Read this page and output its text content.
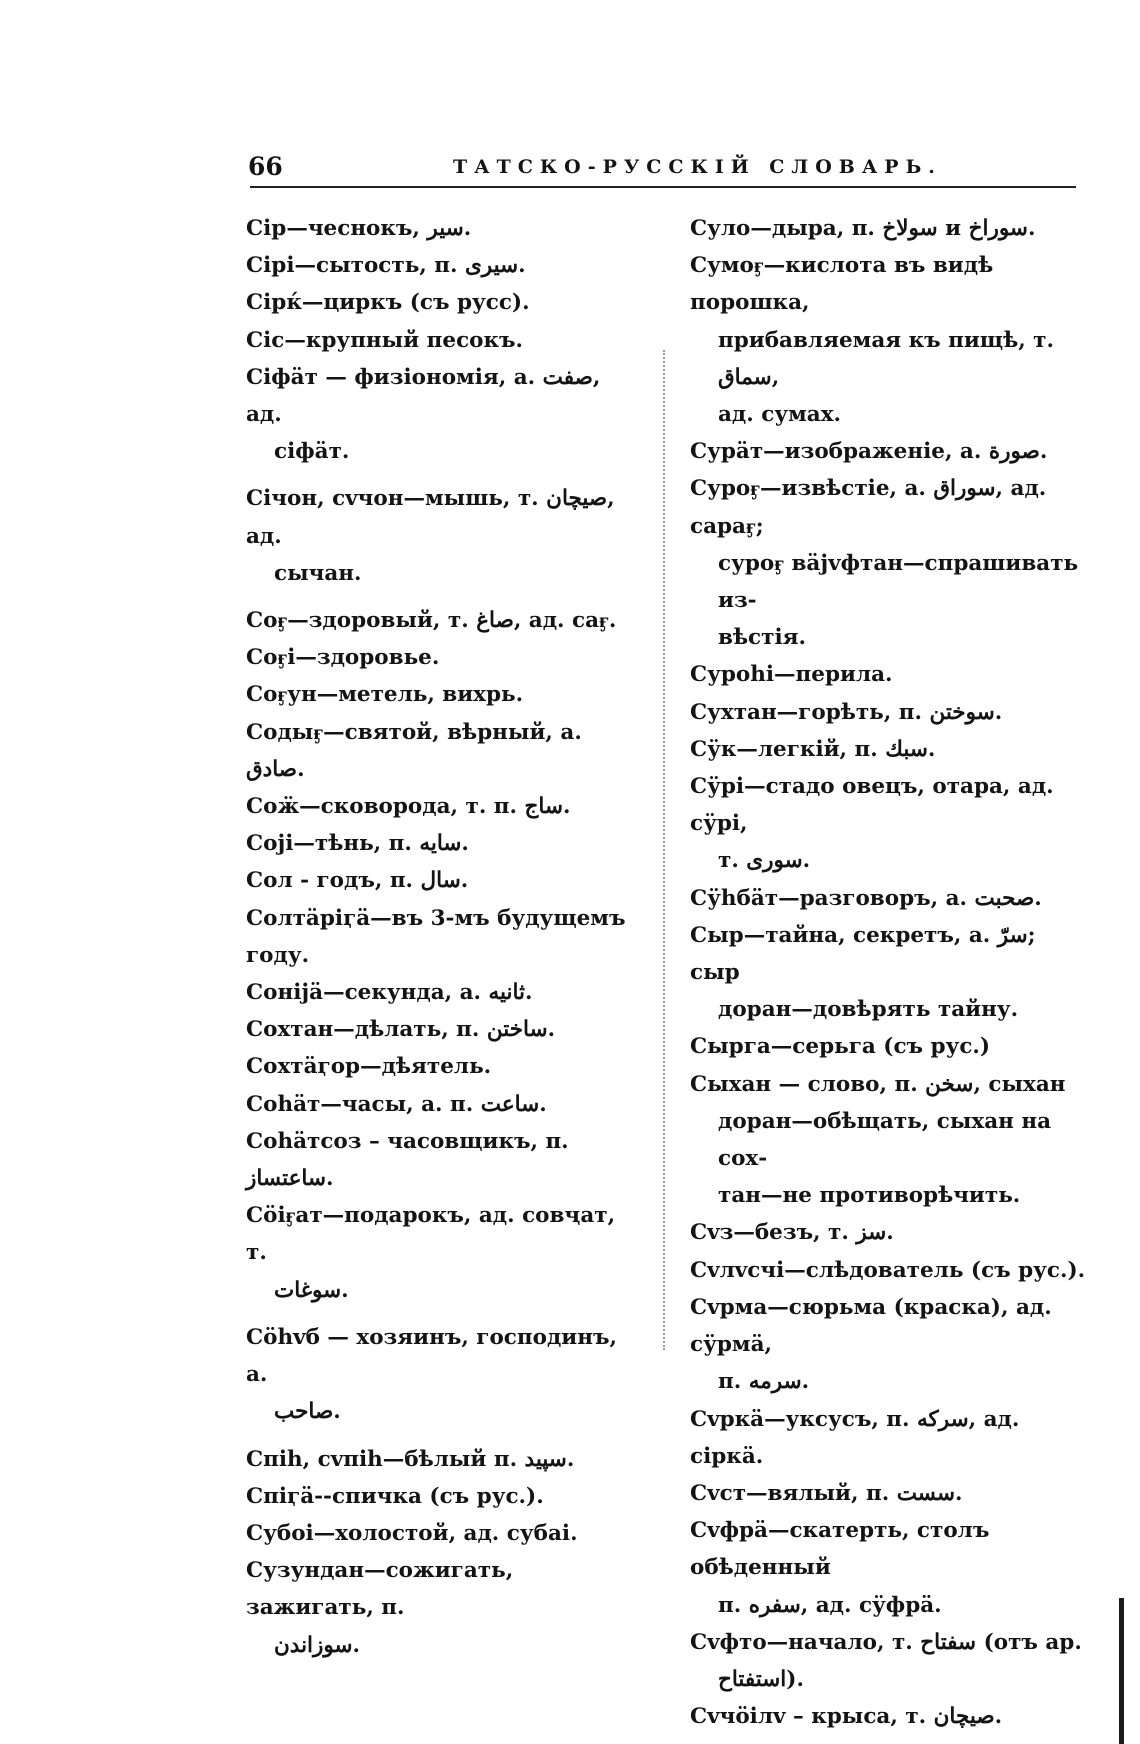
66	ТАТСКО-РУССКІЙ СЛОВАРЬ.
Сір—чеснокъ, سير.
Сірі—сытость, п. سيرى.
Сірќ—циркъ (съ русс).
Сіс—крупный песокъ.
Сіфäт — физіономія, а. صفت, ад.
сіфäт.
Січон, сvчон—мышь, т. صيچان, ад.
сычан.
Соӻ—здоровый, т. صاغ, ад. саӻ.
Соӻі—здоровье.
Соӻун—метель, вихрь.
Содыӻ—святой, вѣрный, а. صادق.
Соӝ—сковорода, т. п. ساج.
Соjі—тѣнь, п. سايه.
Сол - годъ, п. سال.
Солтäріӷä—въ 3-мъ будущемъ году.
Сонijä—секунда, а. ثانيه.
Сохтан—дѣлать, п. ساختن.
Сохтäӷор—дѣятель.
Соһäт—часы, а. п. ساعت.
Соһäтсоз – часовщикъ, п. ساعتساز.
Сöіӻат—подарокъ, ад. совҷат, т.
سوغات.
Сöһvб — хозяинъ, господинъ, а.
صاحب.
Спіһ, сvпіһ—бѣлый п. سپيد.
Спіӷä--спичка (съ рус.).
Субоі—холостой, ад. субаі.
Сузундан—сожигать, зажигать, п.
سوزاندن.
Суло—дыра, п. سولاخ и سوراخ.
Сумоӻ—кислота въ видѣ порошка,
прибавляемая къ пищѣ, т. سماق,
ад. сумах.
Сурäт—изображеніе, а. صورة.
Суроӻ—извѣстіе, а. سوراق, ад. сараӻ;
суроӻ вäјvфтан—спрашивать из-
вѣстія.
Суроһі—перила.
Сухтан—горѣть, п. سوختن.
Сӱк—легкій, п. سبك.
Сӱрі—стадо овецъ, отара, ад. сӱрі,
т. سورى.
Сӱһбäт—разговоръ, а. صحبت.
Сыр—тайна, секретъ, а. سرّ; сыр
доран—довѣрять тайну.
Сырга—серьга (съ рус.)
Сыхан — слово, п. سخن, сыхан
доран—обѣщать, сыхан на сох-
тан—не противорѣчить.
Сvз—безъ, т. سز.
Сvлvсчі—слѣдователь (съ рус.).
Сvрма—сюрьма (краска), ад. сӱрмä,
п. سرمه.
Сvркä—уксусъ, п. سركه, ад. сіркä.
Сvст—вялый, п. سست.
Сvфрä—скатерть, столъ обѣденный
п. سفره, ад. сӱфрä.
Сvфто—начало, т. سفتاح (отъ ар.
استفتاح).
Сvчöiлv – крыса, т. صيچان.
